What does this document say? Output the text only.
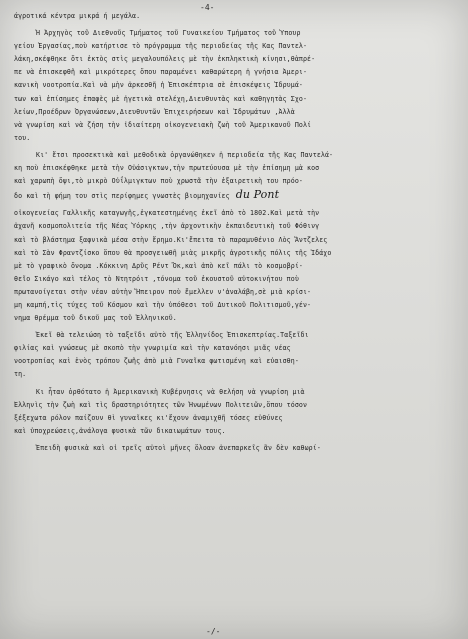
-4-

άγροτικά κέντρα μικρά ή μεγάλα.

Ἡ Ἀρχηγὸς τοῦ Διεθνοῦς Τμήματος τοῦ Γυναικείου Τμήματος τοῦ Ὑπουρ

γείου Ἐργασίας,ποὺ κατήρτισε τὸ πρόγραμμα τῆς περιοδείας τῆς Κας Παντελ-

λάκη,σκέφθηκε ὅτι ἐκτὸς στὶς μεγαλουπόλεις μὲ τὴν ἐκπληκτικὴ κίνησι,θὰπρέ-

πε νὰ ἐπισκεφθῆ καὶ μικρότερες ὅπου παραμένει καθαρώτερη ἡ γνήσια Ἀμερι-

κανικὴ νοοτροπία.Καὶ νὰ μὴν ἀρκεσθῆ ἡ Ἐπισκέπτρια σὲ ἐπισκέψεις Ἱδρυμά-

των καὶ ἐπίσημες ἐπαφὲς μὲ ἡγετικὰ στελέχη,Διευθυντὰς καὶ καθηγητὰς Σχο-

λείων,Προέδρων Ὀργανώσεων,Διευθυντῶν Ἐπιχειρήσεων καὶ Ἱδρυμάτων ,Ἀλλὰ

νὰ γνωρίση καὶ νὰ ζήση τὴν ἰδιαίτερη οἰκογενειακὴ ζωὴ τοῦ Ἀμερικανοῦ Πολί

του.

Κι' ἔτσι προσεκτικὰ καὶ μεθοδικὰ ὀργανώθηκεν ἡ περιοδεία τῆς Κας Παντελά-

κη ποὺ ἐπισκέφθηκε μετὰ τὴν Οὐάσιγκτων,τὴν πρωτεύουσα μὲ τὴν ἐπίσημη μὰ κοσ

καὶ χαρωπὴ ὄψι,τὸ μικρὸ Οὐΐλμιγκτων ποὺ χρωστᾶ τὴν ἐξαιρετικὴ του πρόο-

δο καὶ τὴ φήμη του στὶς περίφημες γνωστὲς βιομηχανίες du Pont

οἰκογενείας Γαλλικῆς καταγωγῆς,ἐγκατεστημένης ἐκεῖ ἀπὸ τὸ 1802.Καὶ μετὰ τὴν

ἀχανῆ κοσμοπολιτεία τῆς Νέας Ὑόρκης ,τὴν ἀρχοντικὴν ἐκπαιδευτικὴ τοῦ Φόθινγ

καὶ τὸ βλάστημα ξαφνικὰ μέσα στὴν ἔρημο.Κι'ἔπειτα τὸ παραμυθένιο Λὸς Ἄντζελες

καὶ τὸ Σὰν Φραντζίσκο ὅπου θὰ προσγειωθῆ μιὰς μικρῆς ἀγροτικῆς πόλις τῆς Ἰδάχο

μὲ τὸ γραφικὸ ὄνομα .Κόκκινη Δρῦς Ρέντ Ὄκ,καὶ ἀπὸ κεῖ πάλι τὸ κοσμοβρί-

θεῖο Σικάγο καὶ τέλος τὸ Ντητρόιτ ,τόνομα τοῦ ἐκουστοῦ αὐτοκινήτου ποὺ

πρωτανοίγεται στὴν νέαν αὐτὴν Ἤπειρον ποὺ ἔμελλεν ν'ἀναλάβη,σὲ μιὰ κρίσι-

μη καμπή,τὶς τύχες τοῦ Κόσμου καὶ τὴν ὑπόθεσι τοῦ Δυτικοῦ Πολιτισμοῦ,γέν-

νημα θρέμμα τοῦ δικοῦ μας τοῦ Ἑλληνικοῦ.

Ἐκεῖ θὰ τελειώση τὸ ταξεῖδι αὐτὸ τῆς Ἑλληνίδος Ἐπισκεπτρίας.Ταξεῖδι

φιλίας καὶ γνώσεως μὲ σκοπὸ τὴν γνωριμία καὶ τὴν κατανόησι μιᾶς νέας

νοοτροπίας καὶ ἑνὸς τρόπου ζωῆς ἀπὸ μιὰ Γυναῖκα φωτισμένη καὶ εὐαισθη-

τη.

Κι ἦταν ὀρθότατο ἡ Ἀμερικανικὴ Κυβέρνησις νὰ θελήση νὰ γνωρίση μιὰ

Ἑλληνὶς τὴν ζωὴ καὶ τὶς δραστηριότητες τῶν Ἡνωμένων Πολιτειῶν,ὅπου τόσον

ξέξεχωτα ρόλον παίζουν θὶ γυναῖκες κι'ἔχουν ἀναμιχθῆ τόσες εὐθύνες

καὶ ὑποχρεώσεις,ἀνάλογα φυσικὰ τῶν δικαιωμάτων τους.

Ἐπειδὴ φυσικὰ καὶ οἱ τρεῖς αὐτοὶ μῆνες ὅλοαν ἀνεπαρκεῖς ἂν δὲν καθωρί-

-/-
